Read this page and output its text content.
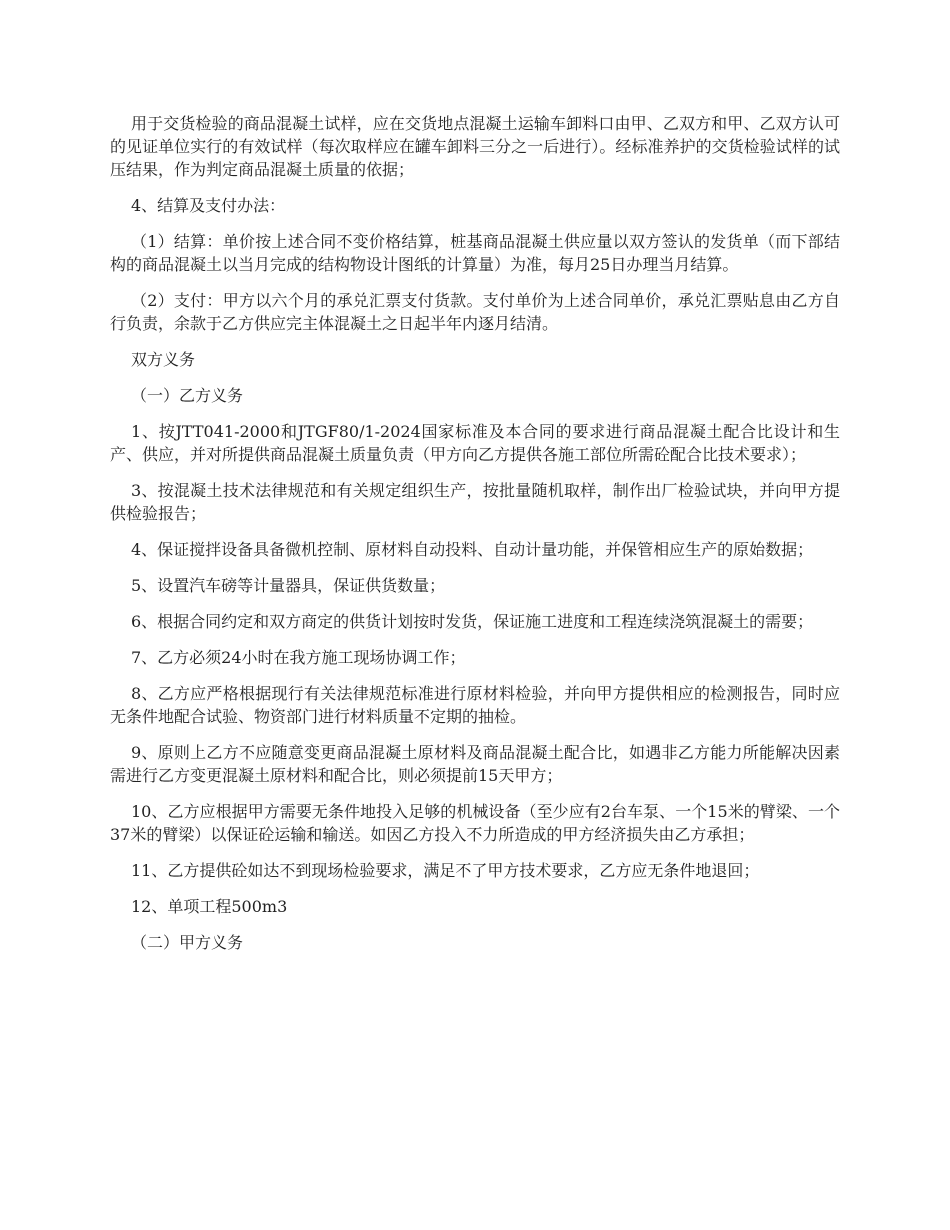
用于交货检验的商品混凝土试样，应在交货地点混凝土运输车卸料口由甲、乙双方和甲、乙双方认可的见证单位实行的有效试样（每次取样应在罐车卸料三分之一后进行）。经标准养护的交货检验试样的试压结果，作为判定商品混凝土质量的依据；

4、结算及支付办法：

（1）结算：单价按上述合同不变价格结算，桩基商品混凝土供应量以双方签认的发货单（而下部结构的商品混凝土以当月完成的结构物设计图纸的计算量）为准，每月25日办理当月结算。

（2）支付：甲方以六个月的承兑汇票支付货款。支付单价为上述合同单价，承兑汇票贴息由乙方自行负责，余款于乙方供应完主体混凝土之日起半年内逐月结清。

双方义务

（一）乙方义务

1、按JTT041-2000和JTGF80/1-2024国家标准及本合同的要求进行商品混凝土配合比设计和生产、供应，并对所提供商品混凝土质量负责（甲方向乙方提供各施工部位所需砼配合比技术要求）；

3、按混凝土技术法律规范和有关规定组织生产，按批量随机取样，制作出厂检验试块，并向甲方提供检验报告；

4、保证搅拌设备具备微机控制、原材料自动投料、自动计量功能，并保管相应生产的原始数据；

5、设置汽车磅等计量器具，保证供货数量；

6、根据合同约定和双方商定的供货计划按时发货，保证施工进度和工程连续浇筑混凝土的需要；

7、乙方必须24小时在我方施工现场协调工作；

8、乙方应严格根据现行有关法律规范标准进行原材料检验，并向甲方提供相应的检测报告，同时应无条件地配合试验、物资部门进行材料质量不定期的抽检。

9、原则上乙方不应随意变更商品混凝土原材料及商品混凝土配合比，如遇非乙方能力所能解决因素需进行乙方变更混凝土原材料和配合比，则必须提前15天甲方；

10、乙方应根据甲方需要无条件地投入足够的机械设备（至少应有2台车泵、一个15米的臂梁、一个37米的臂梁）以保证砼运输和输送。如因乙方投入不力所造成的甲方经济损失由乙方承担；

11、乙方提供砼如达不到现场检验要求，满足不了甲方技术要求，乙方应无条件地退回；

12、单项工程500m3

（二）甲方义务
